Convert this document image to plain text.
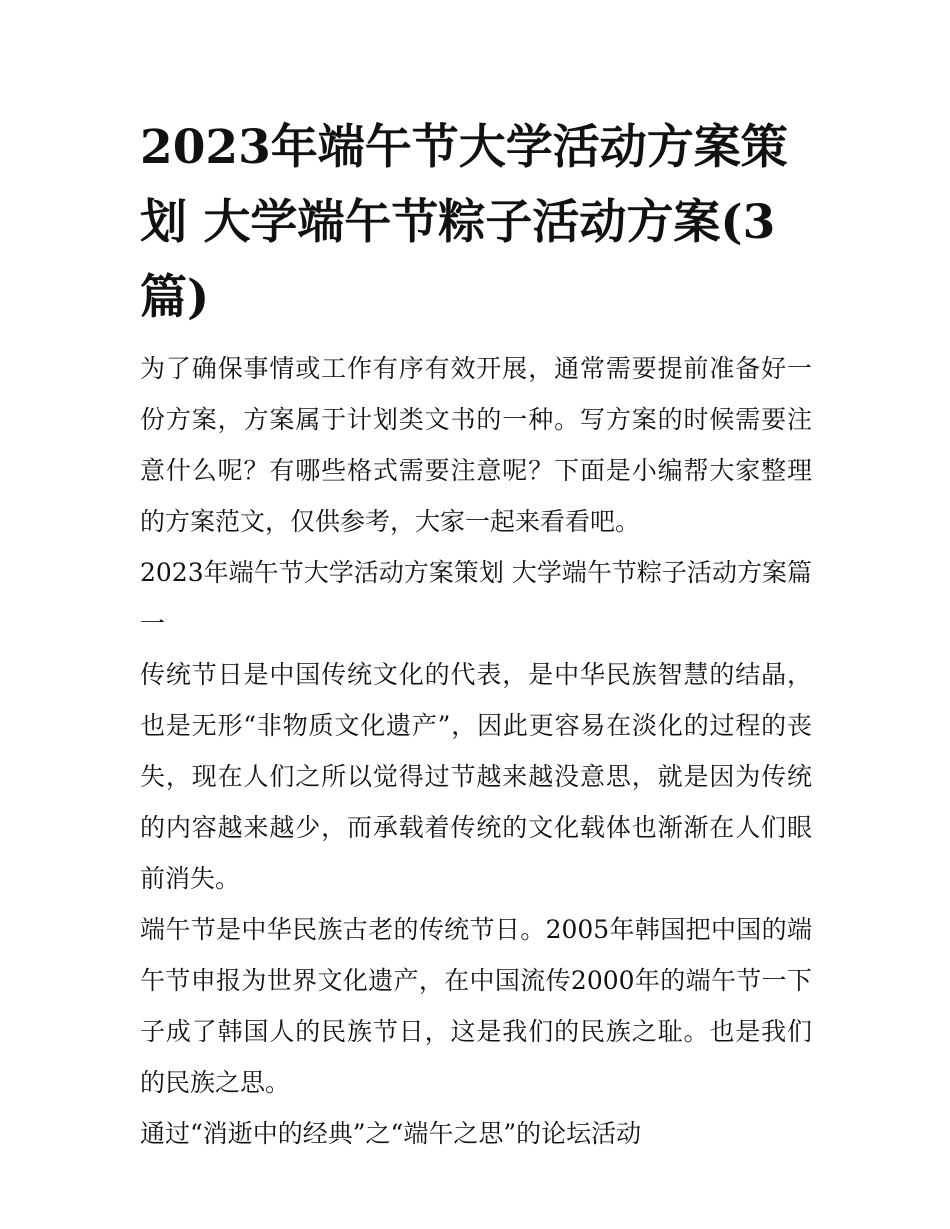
2023年端午节大学活动方案策划 大学端午节粽子活动方案(3篇)

为了确保事情或工作有序有效开展，通常需要提前准备好一份方案，方案属于计划类文书的一种。写方案的时候需要注意什么呢？有哪些格式需要注意呢？下面是小编帮大家整理的方案范文，仅供参考，大家一起来看看吧。

2023年端午节大学活动方案策划 大学端午节粽子活动方案篇一

传统节日是中国传统文化的代表，是中华民族智慧的结晶，也是无形“非物质文化遗产”，因此更容易在淡化的过程的丧失，现在人们之所以觉得过节越来越没意思，就是因为传统的内容越来越少，而承载着传统的文化载体也渐渐在人们眼前消失。

端午节是中华民族古老的传统节日。2005年韩国把中国的端午节申报为世界文化遗产，在中国流传2000年的端午节一下子成了韩国人的民族节日，这是我们的民族之耻。也是我们的民族之思。

通过“消逝中的经典”之“端午之思”的论坛活动
